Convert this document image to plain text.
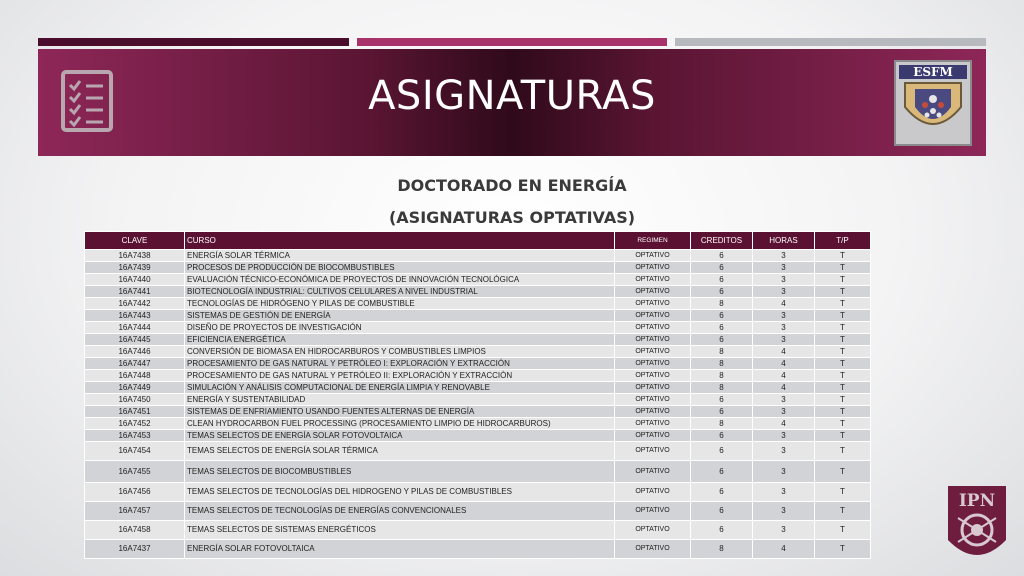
ASIGNATURAS
ESFM
DOCTORADO EN ENERGÍA
(ASIGNATURAS OPTATIVAS)
CLAVE	CURSO	REGIMEN	CREDITOS	HORAS	T/P
16A7438	ENERGÍA SOLAR TÉRMICA	OPTATIVO	6	3	T
16A7439	PROCESOS DE PRODUCCIÓN DE BIOCOMBUSTIBLES	OPTATIVO	6	3	T
16A7440	EVALUACIÓN TÉCNICO-ECONÓMICA DE PROYECTOS DE INNOVACIÓN TECNOLÓGICA	OPTATIVO	6	3	T
16A7441	BIOTECNOLOGÍA INDUSTRIAL: CULTIVOS CELULARES A NIVEL INDUSTRIAL	OPTATIVO	6	3	T
16A7442	TECNOLOGÍAS DE HIDRÓGENO Y PILAS DE COMBUSTIBLE	OPTATIVO	8	4	T
16A7443	SISTEMAS DE GESTIÓN DE ENERGÍA	OPTATIVO	6	3	T
16A7444	DISEÑO DE PROYECTOS DE INVESTIGACIÓN	OPTATIVO	6	3	T
16A7445	EFICIENCIA ENERGÉTICA	OPTATIVO	6	3	T
16A7446	CONVERSIÓN DE BIOMASA EN HIDROCARBUROS Y COMBUSTIBLES LIMPIOS	OPTATIVO	8	4	T
16A7447	PROCESAMIENTO DE GAS NATURAL Y PETRÓLEO I: EXPLORACIÓN Y EXTRACCIÓN	OPTATIVO	8	4	T
16A7448	PROCESAMIENTO DE GAS NATURAL Y PETRÓLEO II: EXPLORACIÓN Y EXTRACCIÓN	OPTATIVO	8	4	T
16A7449	SIMULACIÓN Y ANÁLISIS COMPUTACIONAL DE ENERGÍA LIMPIA Y RENOVABLE	OPTATIVO	8	4	T
16A7450	ENERGÍA Y SUSTENTABILIDAD	OPTATIVO	6	3	T
16A7451	SISTEMAS DE ENFRIAMIENTO USANDO FUENTES ALTERNAS DE ENERGÍA	OPTATIVO	6	3	T
16A7452	CLEAN HYDROCARBON FUEL PROCESSING (PROCESAMIENTO LIMPIO DE HIDROCARBUROS)	OPTATIVO	8	4	T
16A7453	TEMAS SELECTOS DE ENERGÍA SOLAR FOTOVOLTAICA	OPTATIVO	6	3	T
16A7454	TEMAS SELECTOS DE ENERGÍA SOLAR TÉRMICA	OPTATIVO	6	3	T
16A7455	TEMAS SELECTOS DE BIOCOMBUSTIBLES	OPTATIVO	6	3	T
16A7456	TEMAS SELECTOS DE TECNOLOGÍAS DEL HIDROGENO Y PILAS DE COMBUSTIBLES	OPTATIVO	6	3	T
16A7457	TEMAS SELECTOS DE TECNOLOGÍAS DE ENERGÍAS CONVENCIONALES	OPTATIVO	6	3	T
16A7458	TEMAS SELECTOS DE SISTEMAS ENERGÉTICOS	OPTATIVO	6	3	T
16A7437	ENERGÍA SOLAR FOTOVOLTAICA	OPTATIVO	8	4	T
IPN
